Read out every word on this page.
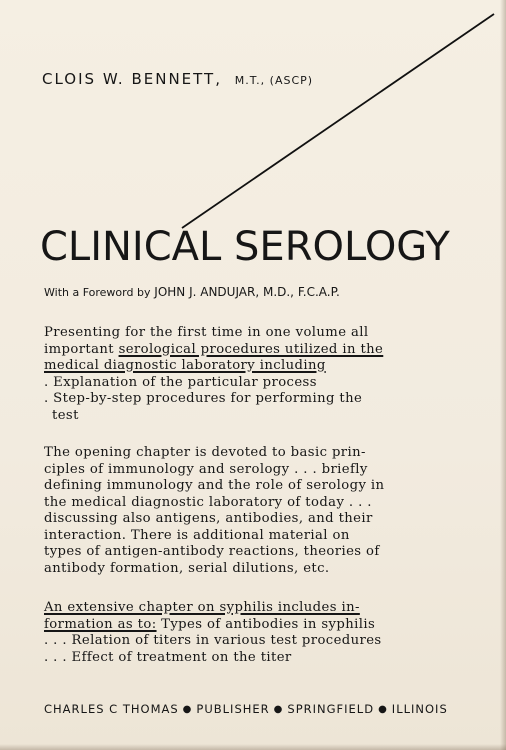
CLOIS W. BENNETT, M.T., (ASCP)
CLINICAL SEROLOGY
With a Foreword by JOHN J. ANDUJAR, M.D., F.C.A.P.
Presenting for the first time in one volume all
important serological procedures utilized in the
medical diagnostic laboratory including
. Explanation of the particular process
. Step-by-step procedures for performing the
test
The opening chapter is devoted to basic prin-
ciples of immunology and serology . . . briefly
defining immunology and the role of serology in
the medical diagnostic laboratory of today . . .
discussing also antigens, antibodies, and their
interaction. There is additional material on
types of antigen-antibody reactions, theories of
antibody formation, serial dilutions, etc.
An extensive chapter on syphilis includes in-
formation as to: Types of antibodies in syphilis
. . . Relation of titers in various test procedures
. . . Effect of treatment on the titer
CHARLES C THOMAS ● PUBLISHER ● SPRINGFIELD ● ILLINOIS
